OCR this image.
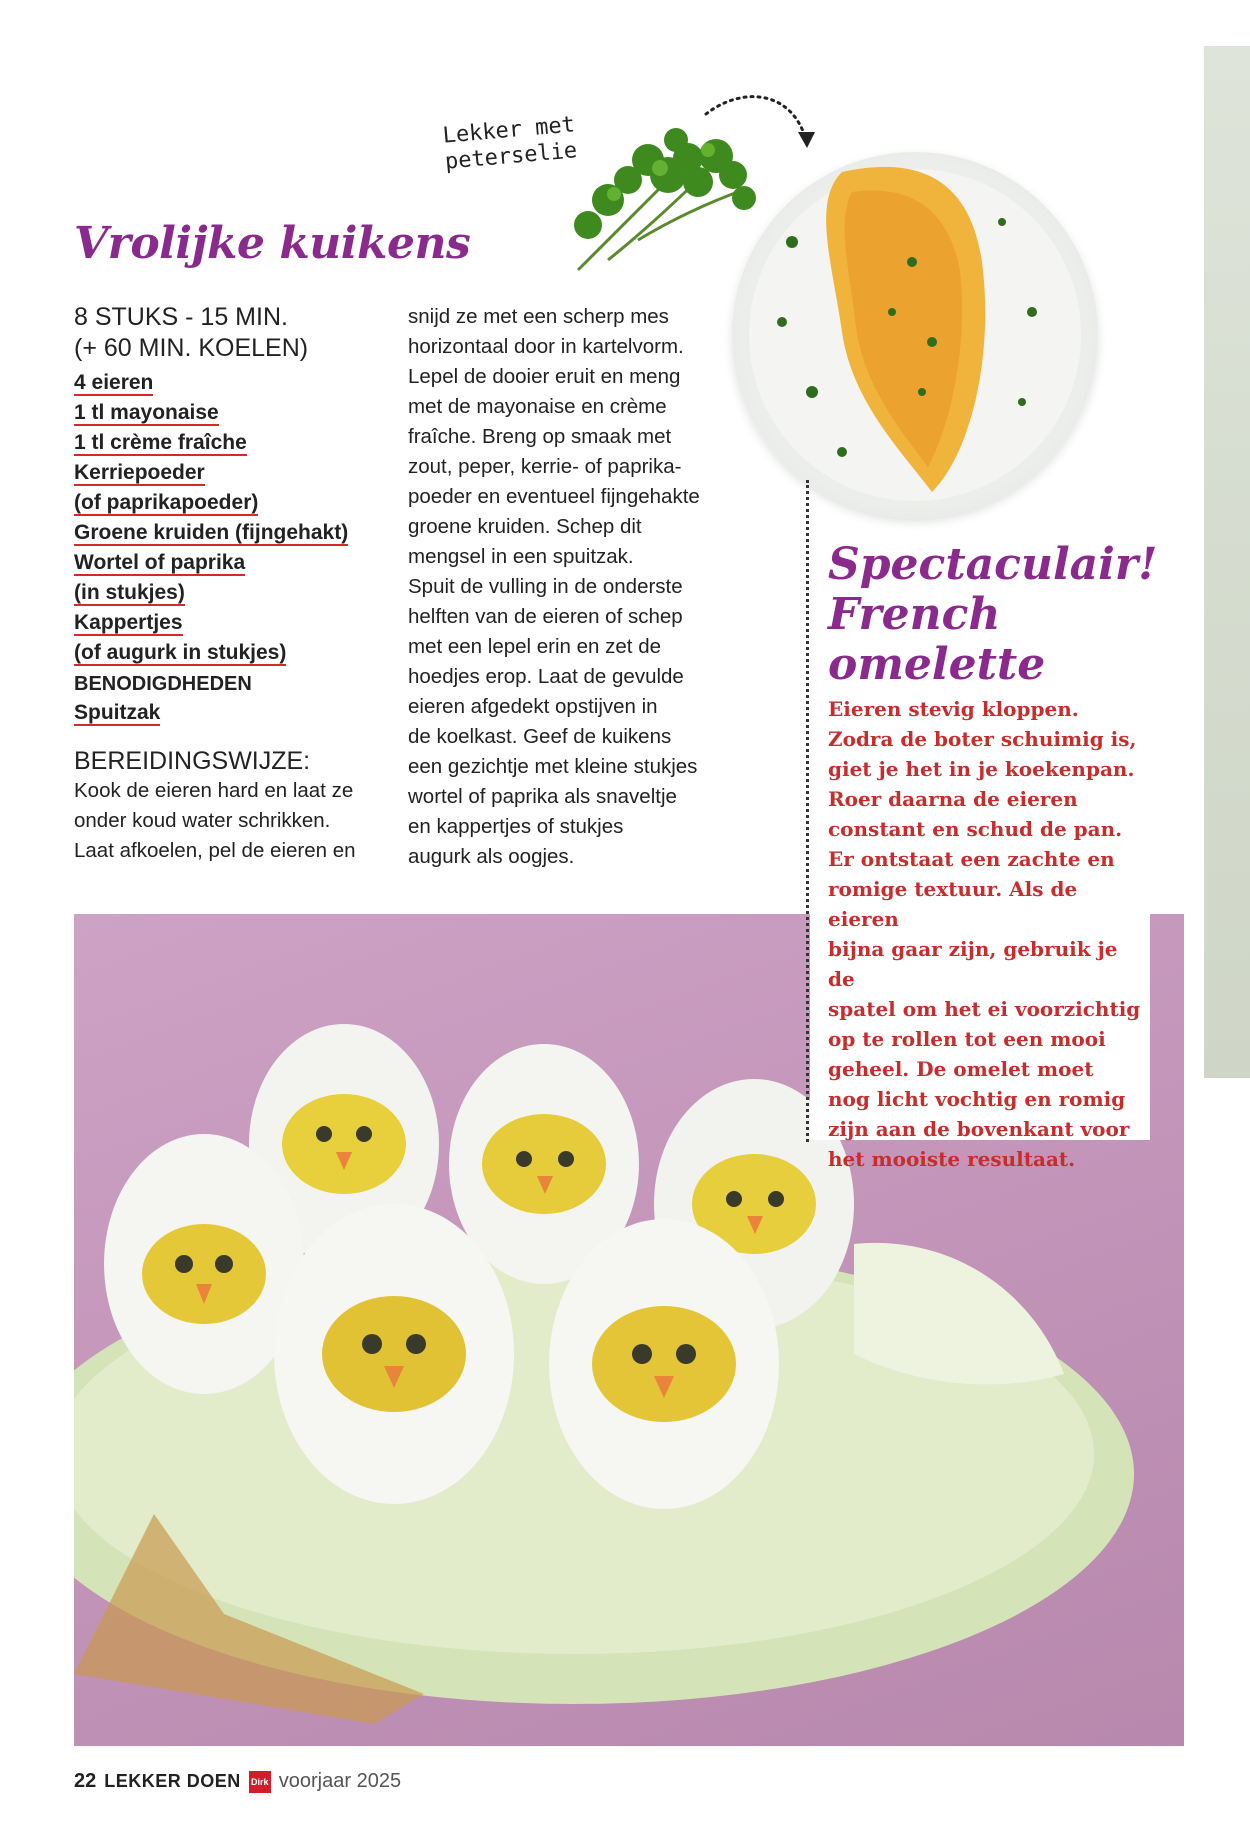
Lekker met
peterselie
Vrolijke kuikens

8 STUKS - 15 MIN.

(+ 60 MIN. KOELEN)

4 eieren
1 tl mayonaise
1 tl crème fraîche
Kerriepoeder
(of paprikapoeder)
Groene kruiden (fijngehakt)
Wortel of paprika
(in stukjes)
Kappertjes
(of augurk in stukjes)
BENODIGDHEDEN
Spuitzak
BEREIDINGSWIJZE:
Kook de eieren hard en laat ze
onder koud water schrikken.
Laat afkoelen, pel de eieren en
snijd ze met een scherp mes
horizontaal door in kartelvorm.
Lepel de dooier eruit en meng
met de mayonaise en crème
fraîche. Breng op smaak met
zout, peper, kerrie- of paprika-
poeder en eventueel fijngehakte
groene kruiden. Schep dit
mengsel in een spuitzak.
Spuit de vulling in de onderste
helften van de eieren of schep
met een lepel erin en zet de
hoedjes erop. Laat de gevulde
eieren afgedekt opstijven in
de koelkast. Geef de kuikens
een gezichtje met kleine stukjes
wortel of paprika als snaveltje
en kappertjes of stukjes
augurk als oogjes.
Spectaculair!
French
omelette
Eieren stevig kloppen.
Zodra de boter schuimig is,
giet je het in je koekenpan.
Roer daarna de eieren
constant en schud de pan.
Er ontstaat een zachte en
romige textuur. Als de eieren
bijna gaar zijn, gebruik je de
spatel om het ei voorzichtig
op te rollen tot een mooi
geheel. De omelet moet
nog licht vochtig en romig
zijn aan de bovenkant voor
het mooiste resultaat.
22 LEKKER DOEN Dirk voorjaar 2025
